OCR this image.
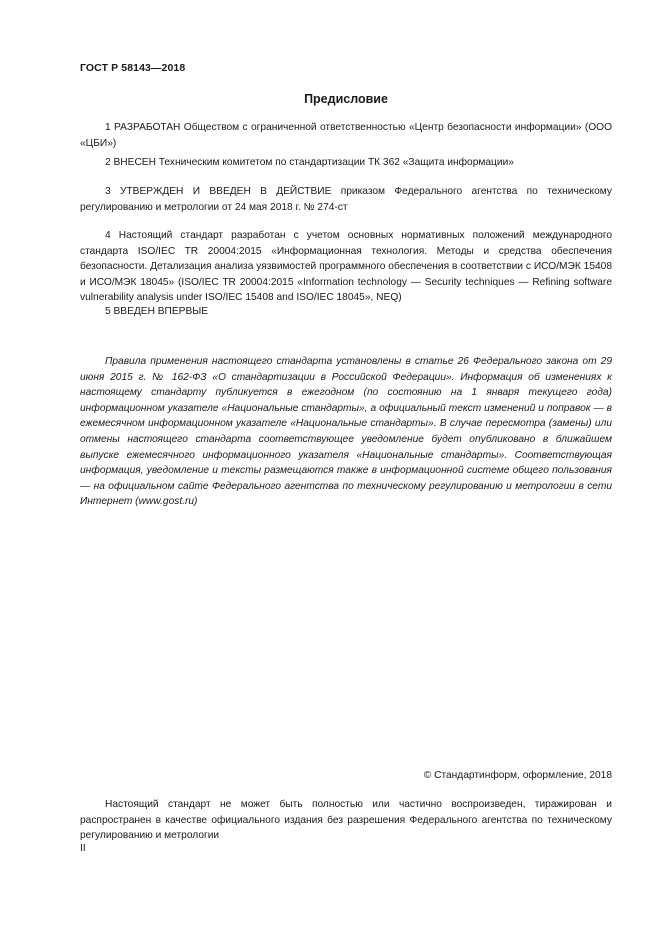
ГОСТ Р 58143—2018
Предисловие

1 РАЗРАБОТАН Обществом с ограниченной ответственностью «Центр безопасности информации» (ООО «ЦБИ»)

2 ВНЕСЕН Техническим комитетом по стандартизации ТК 362 «Защита информации»

3 УТВЕРЖДЕН И ВВЕДЕН В ДЕЙСТВИЕ приказом Федерального агентства по техническому регулированию и метрологии от 24 мая 2018 г. № 274-ст

4 Настоящий стандарт разработан с учетом основных нормативных положений международного стандарта ISO/IEC TR 20004:2015 «Информационная технология. Методы и средства обеспечения безопасности. Детализация анализа уязвимостей программного обеспечения в соответствии с ИСО/МЭК 15408 и ИСО/МЭК 18045» (ISO/IEC TR 20004:2015 «Information technology — Security techniques — Refining software vulnerability analysis under ISO/IEC 15408 and ISO/IEC 18045», NEQ)

5 ВВЕДЕН ВПЕРВЫЕ

Правила применения настоящего стандарта установлены в статье 26 Федерального закона от 29 июня 2015 г. № 162-ФЗ «О стандартизации в Российской Федерации». Информация об изменениях к настоящему стандарту публикуется в ежегодном (по состоянию на 1 января текущего года) информационном указателе «Национальные стандарты», а официальный текст изменений и поправок — в ежемесячном информационном указателе «Национальные стандарты». В случае пересмотра (замены) или отмены настоящего стандарта соответствующее уведомление будет опубликовано в ближайшем выпуске ежемесячного информационного указателя «Национальные стандарты». Соответствующая информация, уведомление и тексты размещаются также в информационной системе общего пользования — на официальном сайте Федерального агентства по техническому регулированию и метрологии в сети Интернет (www.gost.ru)

© Стандартинформ, оформление, 2018

Настоящий стандарт не может быть полностью или частично воспроизведен, тиражирован и распространен в качестве официального издания без разрешения Федерального агентства по техническому регулированию и метрологии

II
